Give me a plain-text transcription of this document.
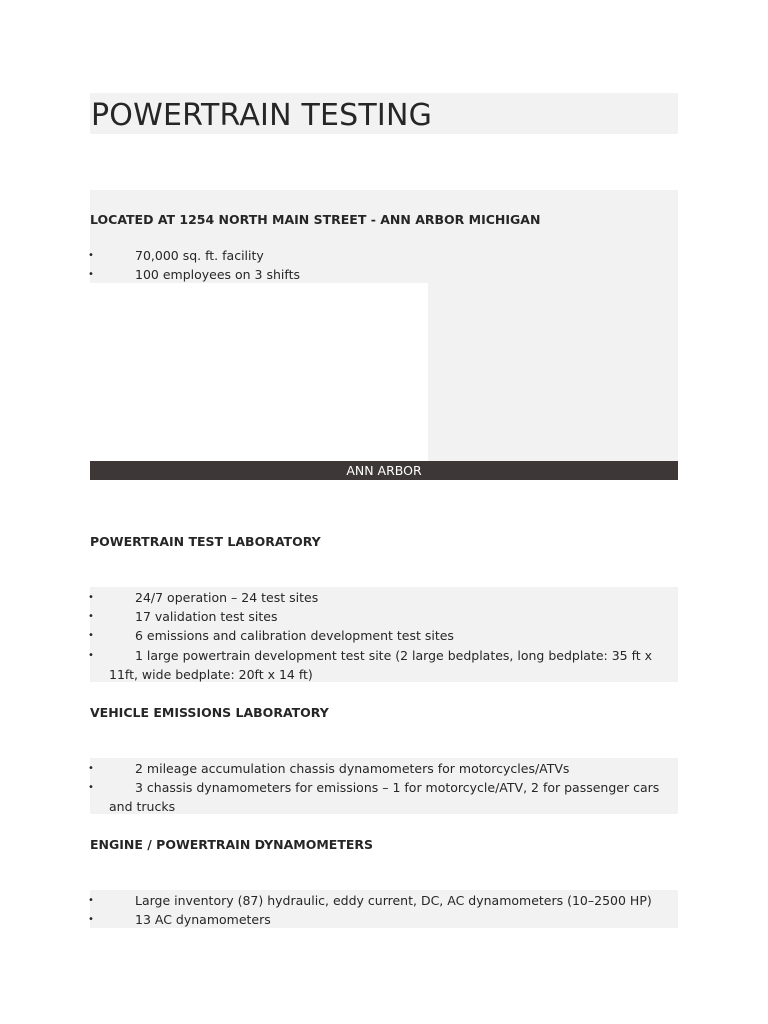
POWERTRAIN TESTING
LOCATED AT 1254 NORTH MAIN STREET - ANN ARBOR MICHIGAN
•	70,000 sq. ft. facility
•	100 employees on 3 shifts
ANN ARBOR
POWERTRAIN TEST LABORATORY
•	24/7 operation – 24 test sites
•	17 validation test sites
•	6 emissions and calibration development test sites
•	1 large powertrain development test site (2 large bedplates, long bedplate: 35 ft x 11ft, wide bedplate: 20ft x 14 ft)
VEHICLE EMISSIONS LABORATORY
•	2 mileage accumulation chassis dynamometers for motorcycles/ATVs
•	3 chassis dynamometers for emissions – 1 for motorcycle/ATV, 2 for passenger cars and trucks
ENGINE / POWERTRAIN DYNAMOMETERS
•	Large inventory (87) hydraulic, eddy current, DC, AC dynamometers (10–2500 HP)
•	13 AC dynamometers
